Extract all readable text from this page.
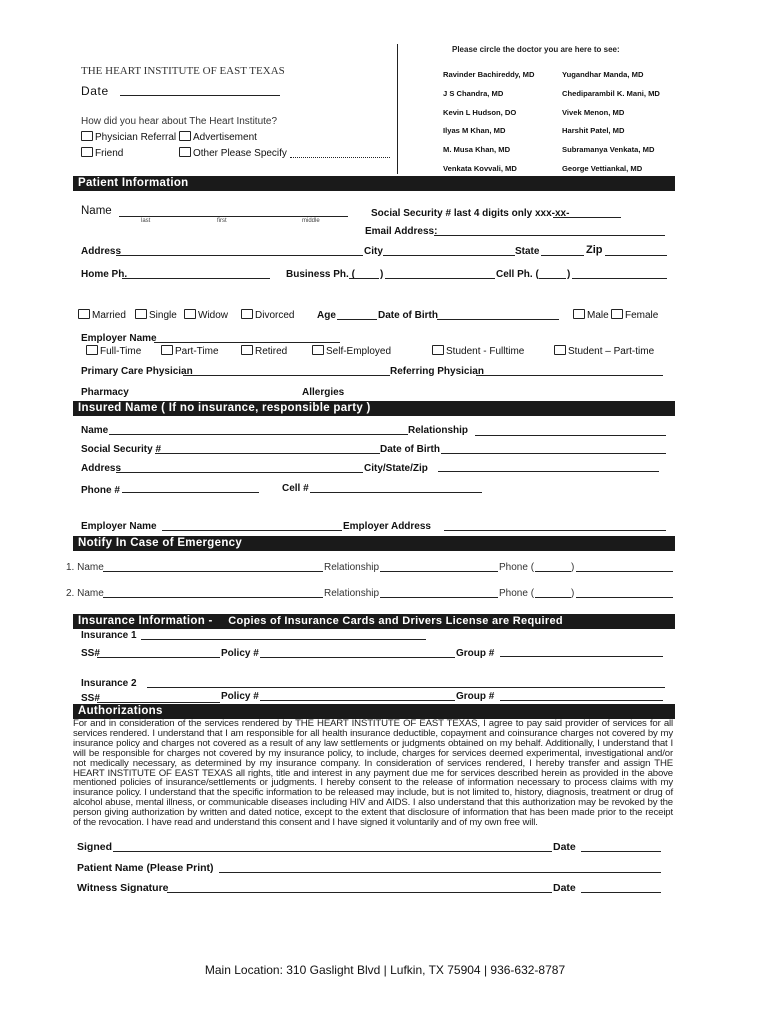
THE HEART INSTITUTE OF EAST TEXAS
Date
How did you hear about The Heart Institute?
Physician Referral	Advertisement
Friend	Other Please Specify
Please circle the doctor you are here to see:
Ravinder Bachireddy, MD
J S Chandra, MD
Kevin L Hudson, DO
Ilyas M Khan, MD
M. Musa Khan, MD
Venkata Kovvali, MD
Yugandhar Manda, MD
Chediparambil K. Mani, MD
Vivek Menon, MD
Harshit Patel, MD
Subramanya Venkata, MD
George Vettiankal, MD
Patient Information
Name
last	first	middle
Social Security # last 4 digits only xxx-xx-
Email Address:
Address	City	State	Zip
Home Ph.	Business Ph. (	)	Cell Ph. (	)
Married	Single	Widow	Divorced Age	Date of Birth	Male	Female
Employer Name
Full-Time	Part-Time	Retired	Self-Employed	Student - Fulltime	Student – Part-time
Primary Care Physician	Referring Physician
Pharmacy	Allergies
Insured Name ( If no insurance, responsible party )
Name	Relationship
Social Security #	Date of Birth
Address	City/State/Zip
Phone #	Cell #
Employer Name	Employer Address
Notify In Case of Emergency
1. Name	Relationship	Phone (	)
2. Name	Relationship	Phone (	)
Insurance Information - Copies of Insurance Cards and Drivers License are Required
Insurance 1
SS#	Policy #	Group #
Insurance 2
SS#	Policy #	Group #
Authorizations
For and in consideration of the services rendered by THE HEART INSTITUTE OF EAST TEXAS, I agree to pay said provider of services for all services rendered. I understand that I am responsible for all health insurance deductible, copayment and coinsurance charges not covered by my insurance policy and charges not covered as a result of any law settlements or judgments obtained on my behalf. Additionally, I understand that I will be responsible for charges not covered by my insurance policy, to include, charges for services deemed experimental, investigational and/or not medically necessary, as determined by my insurance company. In consideration of services rendered, I hereby transfer and assign THE HEART INSTITUTE OF EAST TEXAS all rights, title and interest in any payment due me for services described herein as provided in the above mentioned policies of insurance/settlements or judgments. I hereby consent to the release of information necessary to process claims with my insurance policy. I understand that the specific information to be released may include, but is not limited to, history, diagnosis, treatment or drug of alcohol abuse, mental illness, or communicable diseases including HIV and AIDS. I also understand that this authorization may be revoked by the person giving authorization by written and dated notice, except to the extent that disclosure of information that has been made prior to the receipt of the revocation. I have read and understand this consent and I have signed it voluntarily and of my own free will.
Signed	Date
Patient Name (Please Print)
Witness Signature	Date
Main Location: 310 Gaslight Blvd | Lufkin, TX 75904 | 936-632-8787
